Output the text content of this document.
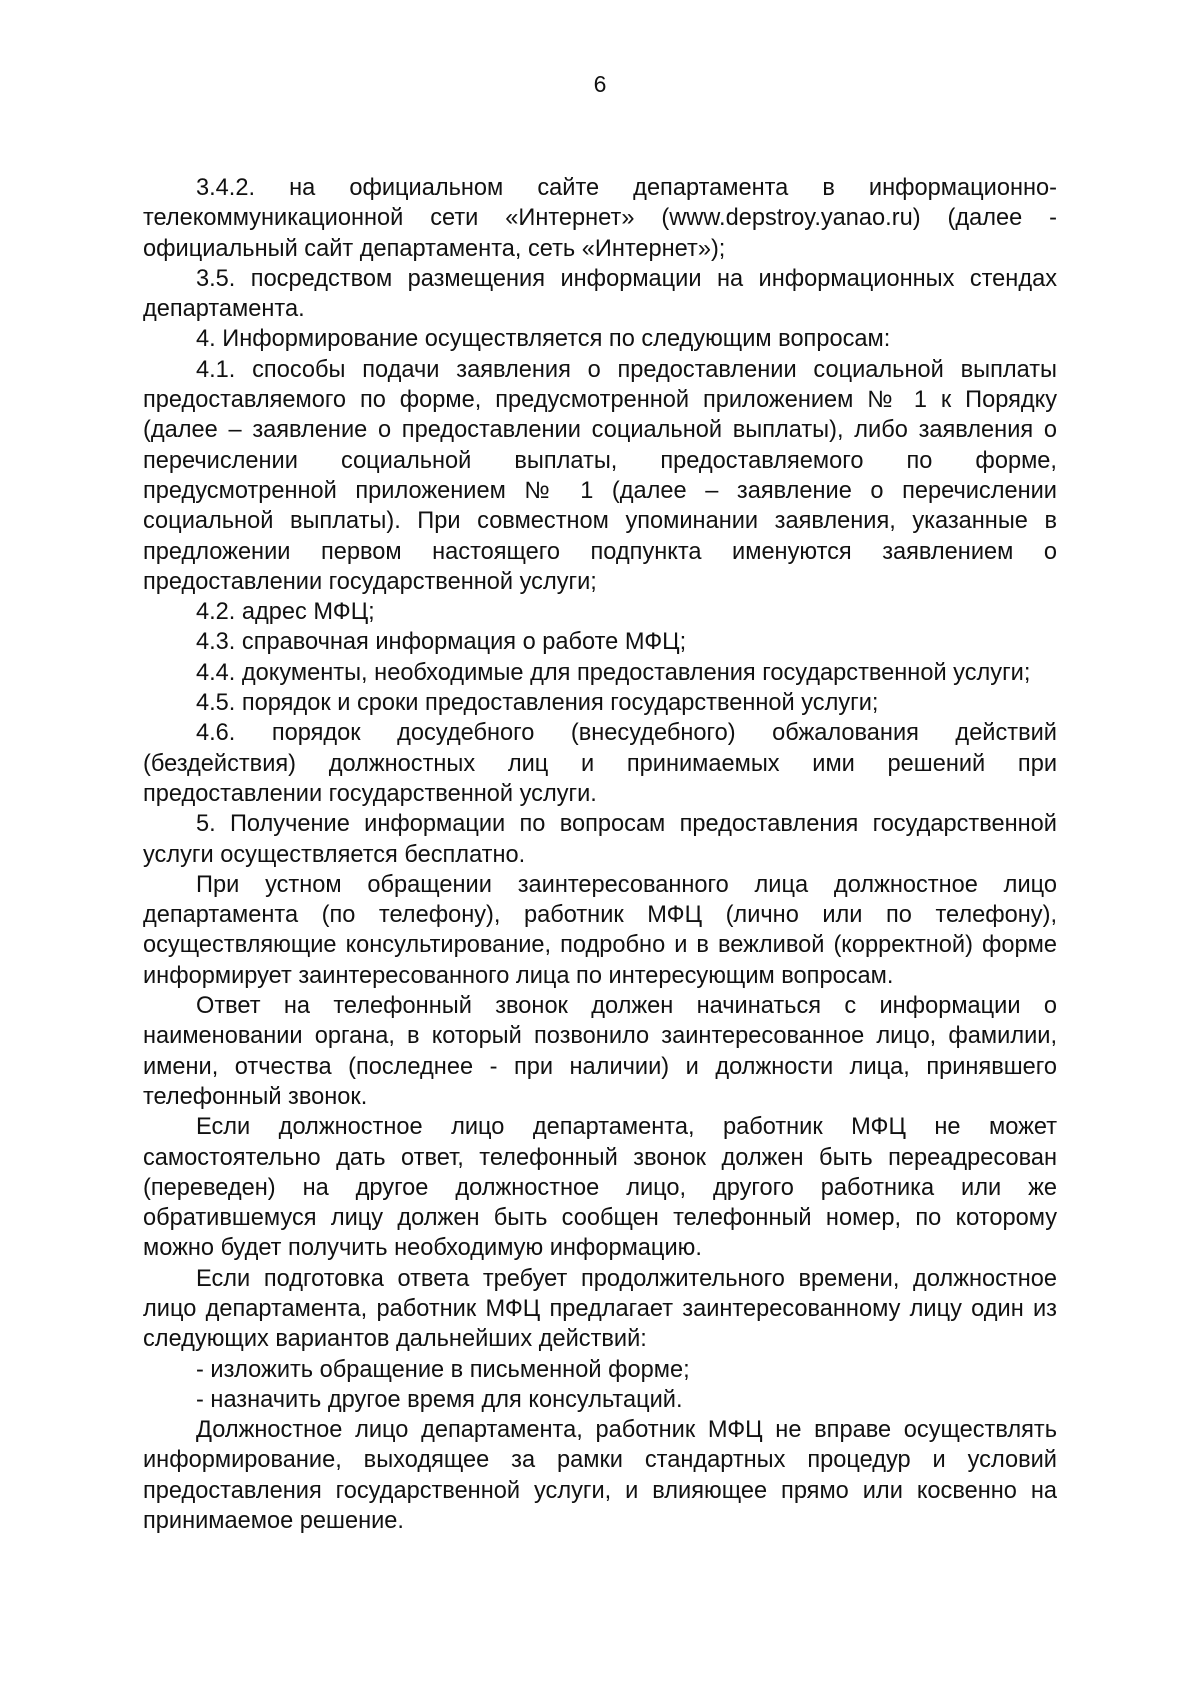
6

3.4.2. на официальном сайте департамента в информационно-телекоммуникационной сети «Интернет» (www.depstroy.yanao.ru) (далее - официальный сайт департамента, сеть «Интернет»);

3.5. посредством размещения информации на информационных стендах департамента.

4. Информирование осуществляется по следующим вопросам:

4.1. способы подачи заявления о предоставлении социальной выплаты предоставляемого по форме, предусмотренной приложением № 1 к Порядку (далее – заявление о предоставлении социальной выплаты), либо заявления о перечислении социальной выплаты, предоставляемого по форме, предусмотренной приложением № 1 (далее – заявление о перечислении социальной выплаты). При совместном упоминании заявления, указанные в предложении первом настоящего подпункта именуются заявлением о предоставлении государственной услуги;

4.2. адрес МФЦ;

4.3. справочная информация о работе МФЦ;

4.4. документы, необходимые для предоставления государственной услуги;

4.5. порядок и сроки предоставления государственной услуги;

4.6. порядок досудебного (внесудебного) обжалования действий (бездействия) должностных лиц и принимаемых ими решений при предоставлении государственной услуги.

5. Получение информации по вопросам предоставления государственной услуги осуществляется бесплатно.

При устном обращении заинтересованного лица должностное лицо департамента (по телефону), работник МФЦ (лично или по телефону), осуществляющие консультирование, подробно и в вежливой (корректной) форме информирует заинтересованного лица по интересующим вопросам.

Ответ на телефонный звонок должен начинаться с информации о наименовании органа, в который позвонило заинтересованное лицо, фамилии, имени, отчества (последнее - при наличии) и должности лица, принявшего телефонный звонок.

Если должностное лицо департамента, работник МФЦ не может самостоятельно дать ответ, телефонный звонок должен быть переадресован (переведен) на другое должностное лицо, другого работника или же обратившемуся лицу должен быть сообщен телефонный номер, по которому можно будет получить необходимую информацию.

Если подготовка ответа требует продолжительного времени, должностное лицо департамента, работник МФЦ предлагает заинтересованному лицу один из следующих вариантов дальнейших действий:

- изложить обращение в письменной форме;

- назначить другое время для консультаций.

Должностное лицо департамента, работник МФЦ не вправе осуществлять информирование, выходящее за рамки стандартных процедур и условий предоставления государственной услуги, и влияющее прямо или косвенно на принимаемое решение.
